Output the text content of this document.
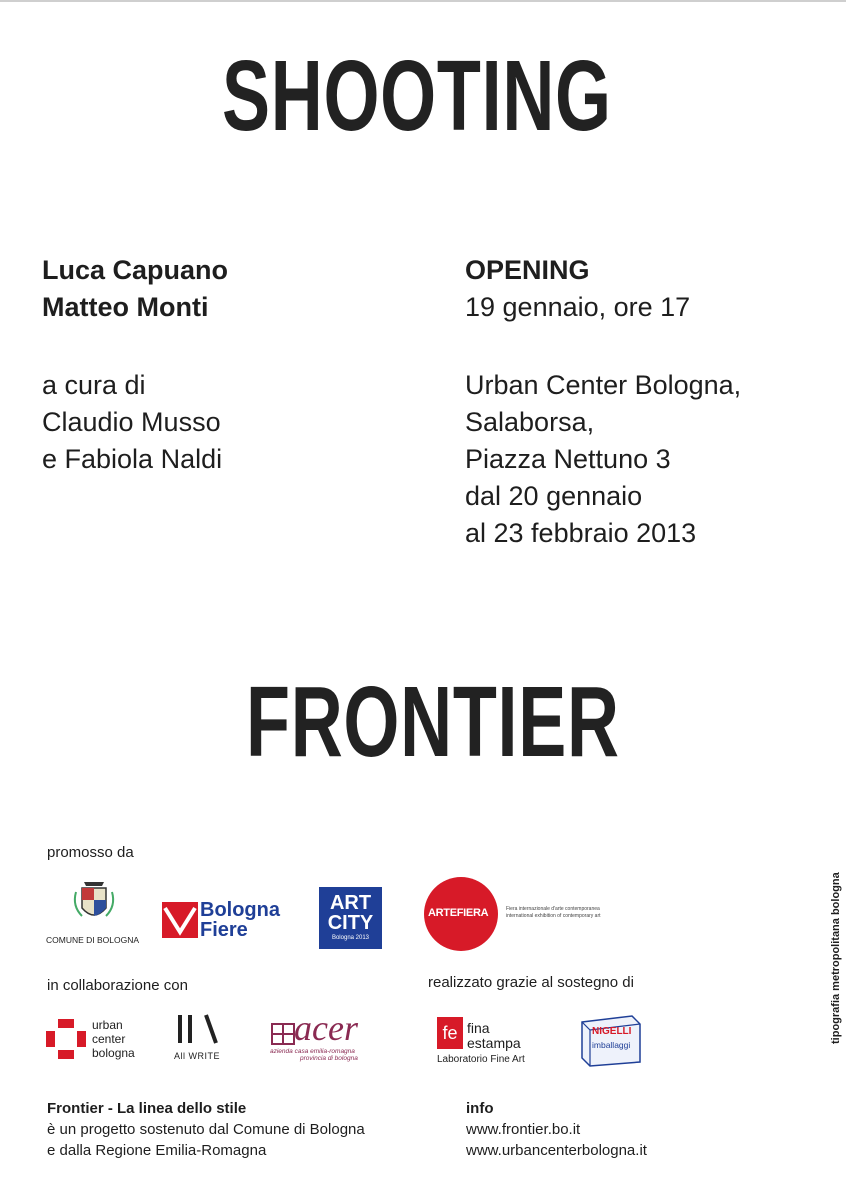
SHOOTING
Luca Capuano
Matteo Monti
a cura di
Claudio Musso
e Fabiola Naldi
OPENING
19 gennaio, ore 17
Urban Center Bologna,
Salaborsa,
Piazza Nettuno 3
dal 20 gennaio
al 23 febbraio 2013
FRONTIER
promosso da
COMUNE DI BOLOGNA
Bologna
Fiere
ART
CITY
Bologna 2013
ARTEFIERA	Fiera internazionale d'arte contemporanea
international exhibition of contemporary art
in collaborazione con	realizzato grazie al sostegno di
urban
center
bologna	All WRITE
acer
azienda casa emilia-romagna
provincia di bologna
fe fina
estampa
Laboratorio Fine Art
NIGELLI
imballaggi
tipografia metropolitana bologna
Frontier - La linea dello stile
è un progetto sostenuto dal Comune di Bologna
e dalla Regione Emilia-Romagna
info
www.frontier.bo.it
www.urbancenterbologna.it
